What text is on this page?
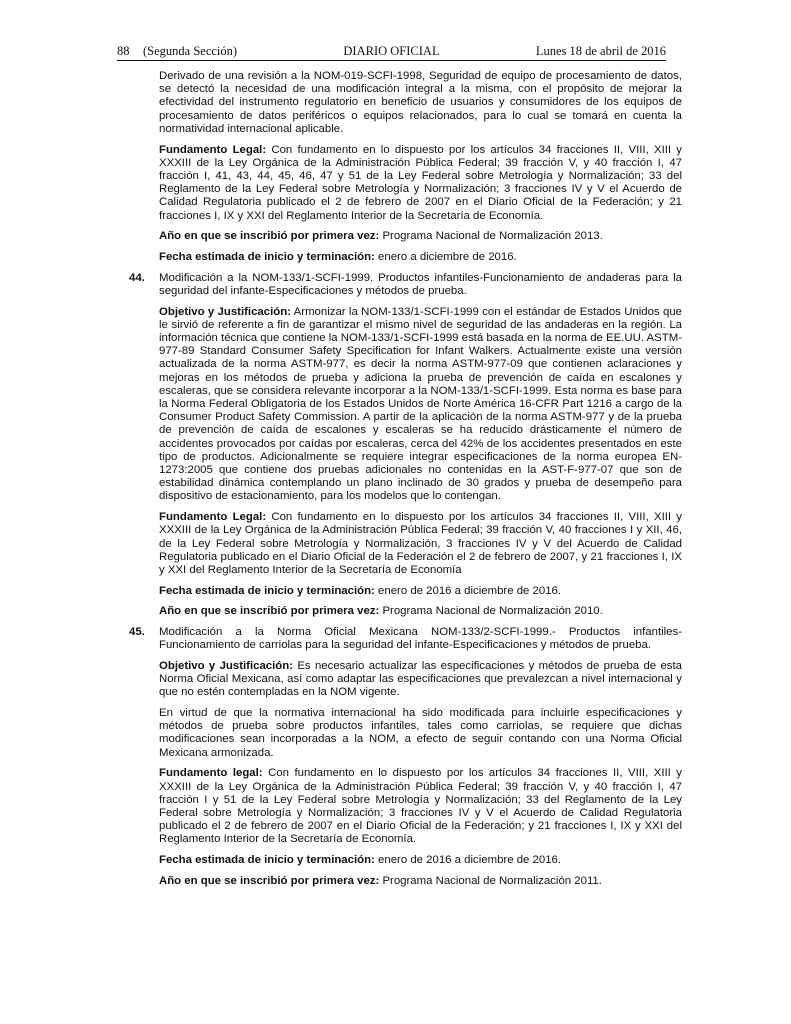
88 (Segunda Sección)	DIARIO OFICIAL	Lunes 18 de abril de 2016

Derivado de una revisión a la NOM-019-SCFI-1998, Seguridad de equipo de procesamiento de datos, se detectó la necesidad de una modificación integral a la misma, con el propósito de mejorar la efectividad del instrumento regulatorio en beneficio de usuarios y consumidores de los equipos de procesamiento de datos periféricos o equipos relacionados, para lo cual se tomará en cuenta la normatividad internacional aplicable.

Fundamento Legal: Con fundamento en lo dispuesto por los artículos 34 fracciones II, VIII, XIII y XXXIII de la Ley Orgánica de la Administración Pública Federal; 39 fracción V, y 40 fracción I, 47 fracción I, 41, 43, 44, 45, 46, 47 y 51 de la Ley Federal sobre Metrología y Normalización; 33 del Reglamento de la Ley Federal sobre Metrología y Normalización; 3 fracciones IV y V el Acuerdo de Calidad Regulatoria publicado el 2 de febrero de 2007 en el Diario Oficial de la Federación; y 21 fracciones I, IX y XXI del Reglamento Interior de la Secretaría de Economía.

Año en que se inscribió por primera vez: Programa Nacional de Normalización 2013.

Fecha estimada de inicio y terminación: enero a diciembre de 2016.

44. Modificación a la NOM-133/1-SCFI-1999. Productos infantiles-Funcionamiento de andaderas para la seguridad del infante-Especificaciones y métodos de prueba.

Objetivo y Justificación: Armonizar la NOM-133/1-SCFI-1999 con el estándar de Estados Unidos que le sirvió de referente a fin de garantizar el mismo nivel de seguridad de las andaderas en la región. La información técnica que contiene la NOM-133/1-SCFI-1999 está basada en la norma de EE.UU. ASTM-977-89 Standard Consumer Safety Specification for Infant Walkers. Actualmente existe una versión actualizada de la norma ASTM-977, es decir la norma ASTM-977-09 que contienen aclaraciones y mejoras en los métodos de prueba y adiciona la prueba de prevención de caída en escalones y escaleras, que se considera relevante incorporar a la NOM-133/1-SCFI-1999. Esta norma es base para la Norma Federal Obligatoria de los Estados Unidos de Norte América 16-CFR Part 1216 a cargo de la Consumer Product Safety Commission. A partir de la aplicación de la norma ASTM-977 y de la prueba de prevención de caída de escalones y escaleras se ha reducido drásticamente el número de accidentes provocados por caídas por escaleras, cerca del 42% de los accidentes presentados en este tipo de productos. Adicionalmente se requiere integrar especificaciones de la norma europea EN-1273:2005 que contiene dos pruebas adicionales no contenidas en la AST-F-977-07 que son de estabilidad dinámica contemplando un plano inclinado de 30 grados y prueba de desempeño para dispositivo de estacionamiento, para los modelos que lo contengan.

Fundamento Legal: Con fundamento en lo dispuesto por los artículos 34 fracciones II, VIII, XIII y XXXIII de la Ley Orgánica de la Administración Pública Federal; 39 fracción V, 40 fracciones I y XII, 46, de la Ley Federal sobre Metrología y Normalización, 3 fracciones IV y V del Acuerdo de Calidad Regulatoria publicado en el Diario Oficial de la Federación el 2 de febrero de 2007, y 21 fracciones I, IX y XXI del Reglamento Interior de la Secretaría de Economía

Fecha estimada de inicio y terminación: enero de 2016 a diciembre de 2016.

Año en que se inscribió por primera vez: Programa Nacional de Normalización 2010.

45. Modificación a la Norma Oficial Mexicana NOM-133/2-SCFI-1999.- Productos infantiles-Funcionamiento de carriolas para la seguridad del infante-Especificaciones y métodos de prueba.

Objetivo y Justificación: Es necesario actualizar las especificaciones y métodos de prueba de esta Norma Oficial Mexicana, así como adaptar las especificaciones que prevalezcan a nivel internacional y que no estén contempladas en la NOM vigente.

En virtud de que la normativa internacional ha sido modificada para incluirle especificaciones y métodos de prueba sobre productos infantiles, tales como carriolas, se requiere que dichas modificaciones sean incorporadas a la NOM, a efecto de seguir contando con una Norma Oficial Mexicana armonizada.

Fundamento legal: Con fundamento en lo dispuesto por los artículos 34 fracciones II, VIII, XIII y XXXIII de la Ley Orgánica de la Administración Pública Federal; 39 fracción V, y 40 fracción I, 47 fracción I y 51 de la Ley Federal sobre Metrología y Normalización; 33 del Reglamento de la Ley Federal sobre Metrología y Normalización; 3 fracciones IV y V el Acuerdo de Calidad Regulatoria publicado el 2 de febrero de 2007 en el Diario Oficial de la Federación; y 21 fracciones I, IX y XXI del Reglamento Interior de la Secretaría de Economía.

Fecha estimada de inicio y terminación: enero de 2016 a diciembre de 2016.

Año en que se inscribió por primera vez: Programa Nacional de Normalización 2011.
